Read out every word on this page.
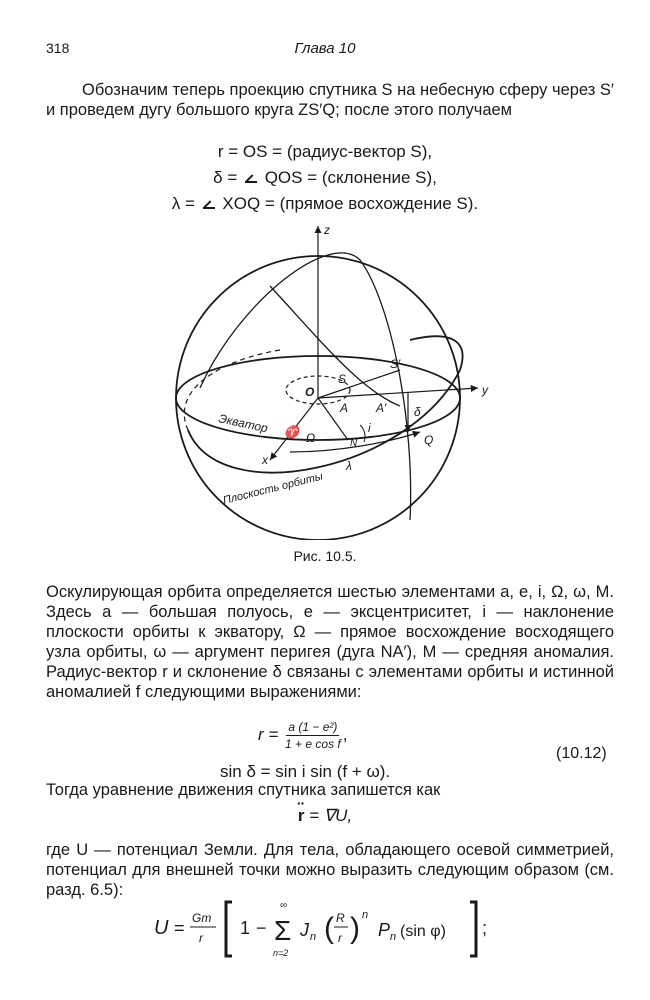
318	Глава 10
Обозначим теперь проекцию спутника S на небесную сферу через S′ и проведем дугу большого круга ZS′Q; после этого получаем
r = OS = (радиус-вектор S),
δ =  QOS = (склонение S),
λ =  XOQ = (прямое восхождение S).
z
y
x
O
S
S′
A A′
N	Q
i
δ
λ
Ω
♈
Экватор
Плоскость орбиты
Рис. 10.5.
Оскулирующая орбита определяется шестью элементами a, e, i, Ω, ω, M. Здесь a — большая полуось, e — эксцентриситет, i — наклонение плоскости орбиты к экватору, Ω — прямое восхождение восходящего узла орбиты, ω — аргумент перигея (дуга NA′), M — средняя аномалия. Радиус-вектор r и склонение δ связаны с элементами орбиты и истинной аномалией f следующими выражениями:
$r = \frac{\text{a (1 − e²)}}{\text{1 + e cos f}}$ ,
(10.12)
sin δ = sin i sin (f + ω).
Тогда уравнение движения спутника запишется как
·· r = ∇U,
где U — потенциал Земли. Для тела, обладающего осевой симметрией, потенциал для внешней точки можно выразить следующим образом (см. разд. 6.5):
U = Gm
r 1 −
∞
Σ
n=2
J n ( R
r ) n
P n (sin φ) ;
